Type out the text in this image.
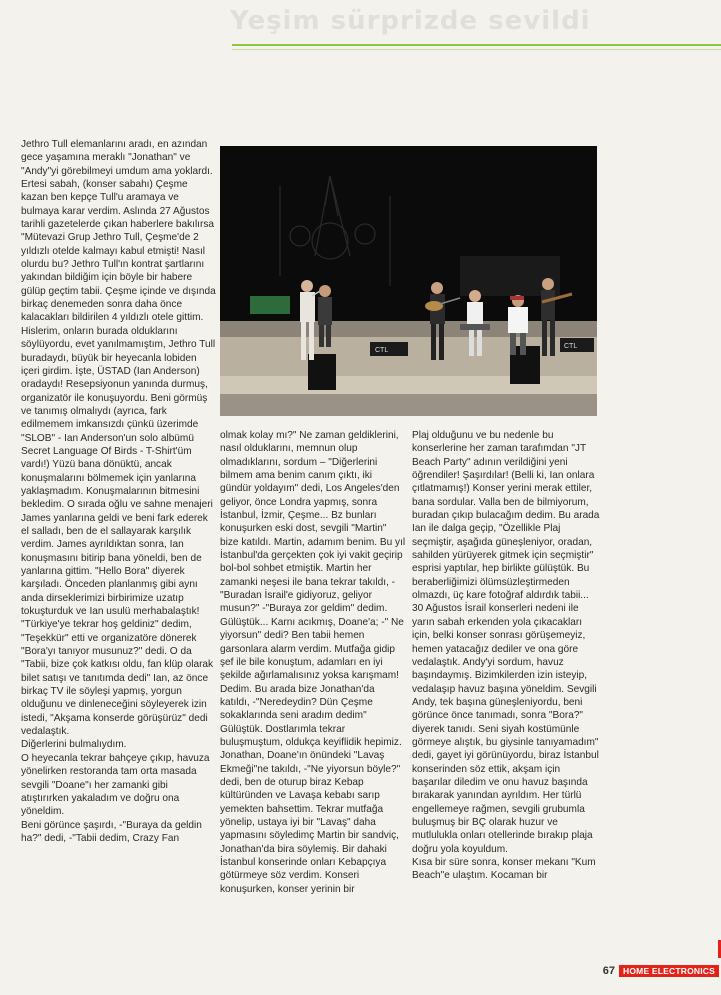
Yeşim sürprizde sevildi
CTL
CTL
Jethro Tull elemanlarını aradı, en azından gece yaşamına meraklı "Jonathan" ve "Andy"yi görebilmeyi umdum ama yoklardı.
Ertesi sabah, (konser sabahı) Çeşme kazan ben kepçe Tull'u aramaya ve bulmaya karar verdim. Aslında 27 Ağustos tarihli gazetelerde çıkan haberlere bakılırsa "Mütevazi Grup Jethro Tull, Çeşme'de 2 yıldızlı otelde kalmayı kabul etmişti! Nasıl olurdu bu? Jethro Tull'ın kontrat şartlarını yakından bildiğim için böyle bir habere gülüp geçtim tabii. Çeşme içinde ve dışında birkaç denemeden sonra daha önce kalacakları bildirilen 4 yıldızlı otele gittim. Hislerim, onların burada olduklarını söylüyordu, evet yanılmamıştım, Jethro Tull buradaydı, büyük bir heyecanla lobiden içeri girdim. İşte, ÜSTAD (Ian Anderson) oradaydı! Resepsiyonun yanında durmuş, organizatör ile konuşuyordu. Beni görmüş ve tanımış olmalıydı (ayrıca, fark edilmemem imkansızdı çünkü üzerimde "SLOB" - Ian Anderson'un solo albümü Secret Language Of Birds - T-Shirt'üm vardı!) Yüzü bana dönüktü, ancak konuşmalarını bölmemek için yanlarına yaklaşmadım. Konuşmalarının bitmesini bekledim. O sırada oğlu ve sahne menajeri James yanlarına geldi ve beni fark ederek el salladı, ben de el sallayarak karşılık verdim. James ayrıldıktan sonra, Ian konuşmasını bitirip bana yöneldi, ben de yanlarına gittim. "Hello Bora" diyerek karşıladı. Önceden planlanmış gibi aynı anda dirseklerimizi birbirimize uzatıp tokuşturduk ve Ian usulü merhabalaştık! "Türkiye'ye tekrar hoş geldiniz" dedim, "Teşekkür" etti ve organizatöre dönerek "Bora'yı tanıyor musunuz?" dedi. O da "Tabii, bize çok katkısı oldu, fan klüp olarak bilet satışı ve tanıtımda dedi" Ian, az önce birkaç TV ile söyleşi yapmış, yorgun olduğunu ve dinleneceğini söyleyerek izin istedi, "Akşama konserde görüşürüz" dedi vedalaştık.
Diğerlerini bulmalıydım.
O heyecanla tekrar bahçeye çıkıp, havuza yönelirken restoranda tam orta masada sevgili "Doane"ı her zamanki gibi atıştırırken yakaladım ve doğru ona yöneldim.
Beni görünce şaşırdı, -"Buraya da geldin ha?" dedi, -"Tabii dedim, Crazy Fan
olmak kolay mı?" Ne zaman geldiklerini, nasıl olduklarını, memnun olup olmadıklarını, sordum – "Diğerlerini bilmem ama benim canım çıktı, iki gündür yoldayım" dedi, Los Angeles'den geliyor, önce Londra yapmış, sonra İstanbul, İzmir, Çeşme... Bz bunları konuşurken eski dost, sevgili "Martin" bize katıldı. Martin, adamım benim. Bu yıl İstanbul'da gerçekten çok iyi vakit geçirip bol-bol sohbet etmiştik. Martin her zamanki neşesi ile bana tekrar takıldı, -"Buradan İsrail'e gidiyoruz, geliyor musun?" -"Buraya zor geldim" dedim. Gülüştük... Karnı acıkmış, Doane'a; -" Ne yiyorsun" dedi? Ben tabii hemen garsonlara alarm verdim. Mutfağa gidip şef ile bile konuştum, adamları en iyi şekilde ağırlamalısınız yoksa karışmam! Dedim. Bu arada bize Jonathan'da katıldı, -"Neredeydin? Dün Çeşme sokaklarında seni aradım dedim" Gülüştük. Dostlarımla tekrar buluşmuştum, oldukça keyiflidik hepimiz. Jonathan, Doane'ın önündeki "Lavaş Ekmeği"ne takıldı, -"Ne yiyorsun böyle?" dedi, ben de oturup biraz Kebap kültüründen ve Lavaşa kebabı sarıp yemekten bahsettim. Tekrar mutfağa yönelip, ustaya iyi bir "Lavaş" daha yapmasını söyledimç Martin bir sandviç, Jonathan'da bira söylemiş. Bir dahaki İstanbul konserinde onları Kebapçıya götürmeye söz verdim. Konseri konuşurken, konser yerinin bir
Plaj olduğunu ve bu nedenle bu konserlerine her zaman tarafımdan "JT Beach Party" adının verildiğini yeni öğrendiler! Şaşırdılar! (Belli ki, Ian onlara çıtlatmamış!) Konser yerini merak ettiler, bana sordular. Valla ben de bilmiyorum, buradan çıkıp bulacağım dedim. Bu arada Ian ile dalga geçip, "Özellikle Plaj seçmiştir, aşağıda güneşleniyor, oradan, sahilden yürüyerek gitmek için seçmiştir" esprisi yaptılar, hep birlikte gülüştük. Bu beraberliğimizi ölümsüzleştirmeden olmazdı, üç kare fotoğraf aldırdık tabii... 30 Ağustos İsrail konserleri nedeni ile yarın sabah erkenden yola çıkacakları için, belki konser sonrası görüşemeyiz, hemen yatacağız dediler ve ona göre vedalaştık. Andy'yi sordum, havuz başındaymış. Bizimkilerden izin isteyip, vedalaşıp havuz başına yöneldim. Sevgili Andy, tek başına güneşleniyordu, beni görünce önce tanımadı, sonra "Bora?" diyerek tanıdı. Seni siyah kostümünle görmeye alıştık, bu giysinle tanıyamadım" dedi, gayet iyi görünüyordu, biraz İstanbul konserinden söz ettik, akşam için başarılar diledim ve onu havuz başında bırakarak yanından ayrıldım. Her türlü engellemeye rağmen, sevgili grubumla buluşmuş bir BÇ olarak huzur ve mutlulukla onları otellerinde bırakıp plaja doğru yola koyuldum.
Kısa bir süre sonra, konser mekanı "Kum Beach"e ulaştım. Kocaman bir
67 HOME ELECTRONICS
